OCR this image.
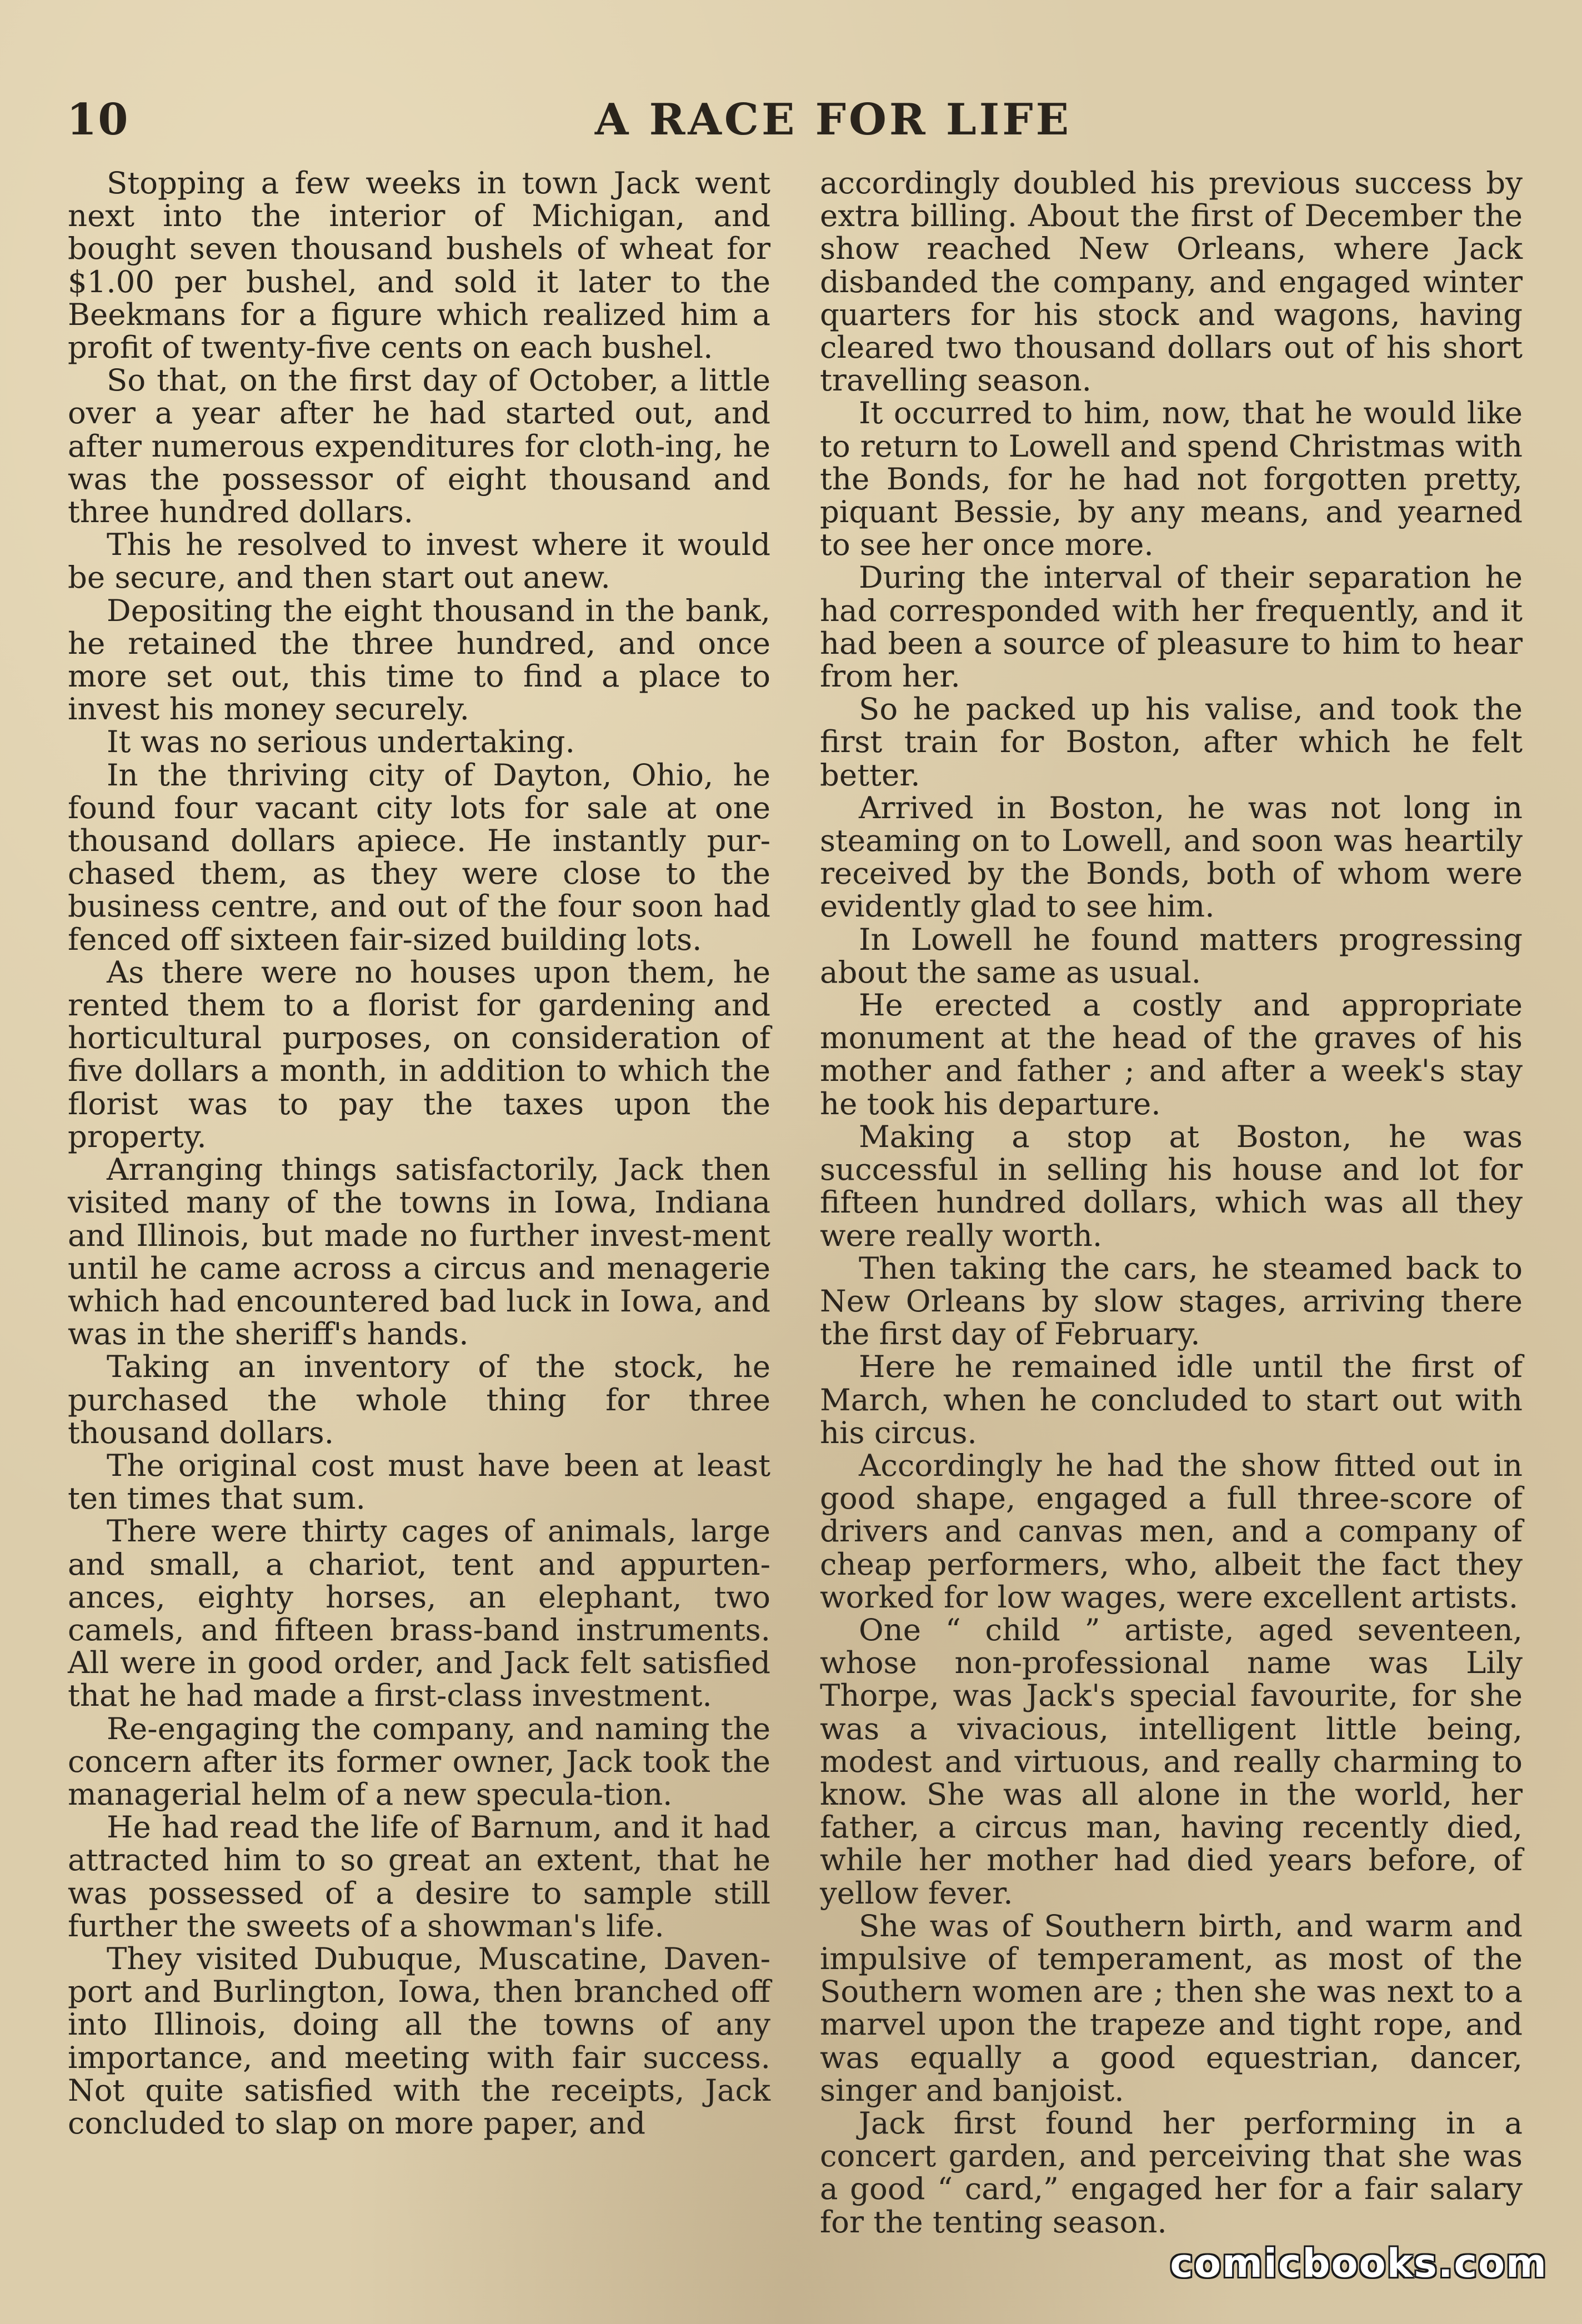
10	A RACE FOR LIFE

Stopping a few weeks in town Jack went next into the interior of Michigan, and bought seven thousand bushels of wheat for $1.00 per bushel, and sold it later to the Beekmans for a figure which realized him a profit of twenty-five cents on each bushel.

So that, on the first day of October, a little over a year after he had started out, and after numerous expenditures for cloth-ing, he was the possessor of eight thousand and three hundred dollars.

This he resolved to invest where it would be secure, and then start out anew.

Depositing the eight thousand in the bank, he retained the three hundred, and once more set out, this time to find a place to invest his money securely.

It was no serious undertaking.

In the thriving city of Dayton, Ohio, he found four vacant city lots for sale at one thousand dollars apiece. He instantly pur-chased them, as they were close to the business centre, and out of the four soon had fenced off sixteen fair-sized building lots.

As there were no houses upon them, he rented them to a florist for gardening and horticultural purposes, on consideration of five dollars a month, in addition to which the florist was to pay the taxes upon the property.

Arranging things satisfactorily, Jack then visited many of the towns in Iowa, Indiana and Illinois, but made no further invest-ment until he came across a circus and menagerie which had encountered bad luck in Iowa, and was in the sheriff's hands.

Taking an inventory of the stock, he purchased the whole thing for three thousand dollars.

The original cost must have been at least ten times that sum.

There were thirty cages of animals, large and small, a chariot, tent and appurten-ances, eighty horses, an elephant, two camels, and fifteen brass-band instruments. All were in good order, and Jack felt satisfied that he had made a first-class investment.

Re-engaging the company, and naming the concern after its former owner, Jack took the managerial helm of a new specula-tion.

He had read the life of Barnum, and it had attracted him to so great an extent, that he was possessed of a desire to sample still further the sweets of a showman's life.

They visited Dubuque, Muscatine, Daven-port and Burlington, Iowa, then branched off into Illinois, doing all the towns of any importance, and meeting with fair success. Not quite satisfied with the receipts, Jack concluded to slap on more paper, and

accordingly doubled his previous success by extra billing. About the first of December the show reached New Orleans, where Jack disbanded the company, and engaged winter quarters for his stock and wagons, having cleared two thousand dollars out of his short travelling season.

It occurred to him, now, that he would like to return to Lowell and spend Christmas with the Bonds, for he had not forgotten pretty, piquant Bessie, by any means, and yearned to see her once more.

During the interval of their separation he had corresponded with her frequently, and it had been a source of pleasure to him to hear from her.

So he packed up his valise, and took the first train for Boston, after which he felt better.

Arrived in Boston, he was not long in steaming on to Lowell, and soon was heartily received by the Bonds, both of whom were evidently glad to see him.

In Lowell he found matters progressing about the same as usual.

He erected a costly and appropriate monument at the head of the graves of his mother and father ; and after a week's stay he took his departure.

Making a stop at Boston, he was successful in selling his house and lot for fifteen hundred dollars, which was all they were really worth.

Then taking the cars, he steamed back to New Orleans by slow stages, arriving there the first day of February.

Here he remained idle until the first of March, when he concluded to start out with his circus.

Accordingly he had the show fitted out in good shape, engaged a full three-score of drivers and canvas men, and a company of cheap performers, who, albeit the fact they worked for low wages, were excellent artists.

One “ child ” artiste, aged seventeen, whose non-professional name was Lily Thorpe, was Jack's special favourite, for she was a vivacious, intelligent little being, modest and virtuous, and really charming to know. She was all alone in the world, her father, a circus man, having recently died, while her mother had died years before, of yellow fever.

She was of Southern birth, and warm and impulsive of temperament, as most of the Southern women are ; then she was next to a marvel upon the trapeze and tight rope, and was equally a good equestrian, dancer, singer and banjoist.

Jack first found her performing in a concert garden, and perceiving that she was a good “ card,” engaged her for a fair salary for the tenting season.

comicbooks.com
